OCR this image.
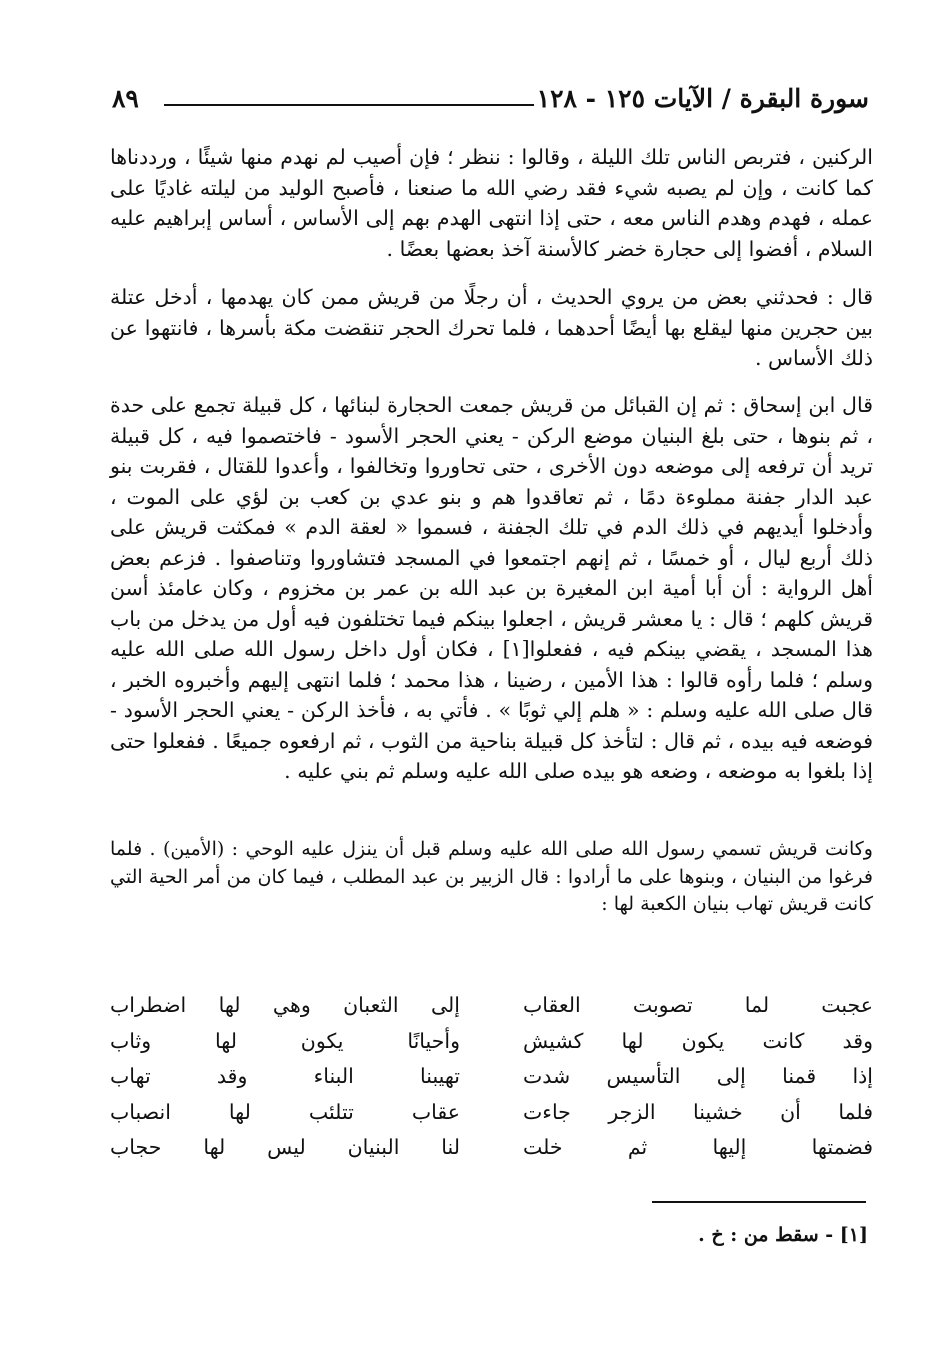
سورة البقرة / الآيات ١٢٥ - ١٢٨
٨٩

الركنين ، فتربص الناس تلك الليلة ، وقالوا : ننظر ؛ فإن أصيب لم نهدم منها شيئًا ، ورددناها كما كانت ، وإن لم يصبه شيء فقد رضي الله ما صنعنا ، فأصبح الوليد من ليلته غاديًا على عمله ، فهدم وهدم الناس معه ، حتى إذا انتهى الهدم بهم إلى الأساس ، أساس إبراهيم عليه السلام ، أفضوا إلى حجارة خضر كالأسنة آخذ بعضها بعضًا .

قال : فحدثني بعض من يروي الحديث ، أن رجلًا من قريش ممن كان يهدمها ، أدخل عتلة بين حجرين منها ليقلع بها أيضًا أحدهما ، فلما تحرك الحجر تنقضت مكة بأسرها ، فانتهوا عن ذلك الأساس .

قال ابن إسحاق : ثم إن القبائل من قريش جمعت الحجارة لبنائها ، كل قبيلة تجمع على حدة ، ثم بنوها ، حتى بلغ البنيان موضع الركن - يعني الحجر الأسود - فاختصموا فيه ، كل قبيلة تريد أن ترفعه إلى موضعه دون الأخرى ، حتى تحاوروا وتخالفوا ، وأعدوا للقتال ، فقربت بنو عبد الدار جفنة مملوءة دمًا ، ثم تعاقدوا هم و بنو عدي بن كعب بن لؤي على الموت ، وأدخلوا أيديهم في ذلك الدم في تلك الجفنة ، فسموا « لعقة الدم » فمكثت قريش على ذلك أربع ليال ، أو خمسًا ، ثم إنهم اجتمعوا في المسجد فتشاوروا وتناصفوا . فزعم بعض أهل الرواية : أن أبا أمية ابن المغيرة بن عبد الله بن عمر بن مخزوم ، وكان عامئذ أسن قريش كلهم ؛ قال : يا معشر قريش ، اجعلوا بينكم فيما تختلفون فيه أول من يدخل من باب هذا المسجد ، يقضي بينكم فيه ، ففعلوا[١] ، فكان أول داخل رسول الله صلى الله عليه وسلم ؛ فلما رأوه قالوا : هذا الأمين ، رضينا ، هذا محمد ؛ فلما انتهى إليهم وأخبروه الخبر ، قال صلى الله عليه وسلم : « هلم إلي ثوبًا » . فأتي به ، فأخذ الركن - يعني الحجر الأسود - فوضعه فيه بيده ، ثم قال : لتأخذ كل قبيلة بناحية من الثوب ، ثم ارفعوه جميعًا . ففعلوا حتى إذا بلغوا به موضعه ، وضعه هو بيده صلى الله عليه وسلم ثم بني عليه .

وكانت قريش تسمي رسول الله صلى الله عليه وسلم قبل أن ينزل عليه الوحي : (الأمين) . فلما فرغوا من البنيان ، وبنوها على ما أرادوا : قال الزبير بن عبد المطلب ، فيما كان من أمر الحية التي كانت قريش تهاب بنيان الكعبة لها :

عجبت لما تصوبت العقاب
إلى الثعبان وهي لها اضطراب
وقد كانت يكون لها كشيش
وأحيانًا يكون لها وثاب
إذا قمنا إلى التأسيس شدت
تهيبنا البناء وقد تهاب
فلما أن خشينا الزجر جاءت
عقاب تتلئب لها انصباب
فضمتها إليها ثم خلت
لنا البنيان ليس لها حجاب
[١] - سقط من : خ .
